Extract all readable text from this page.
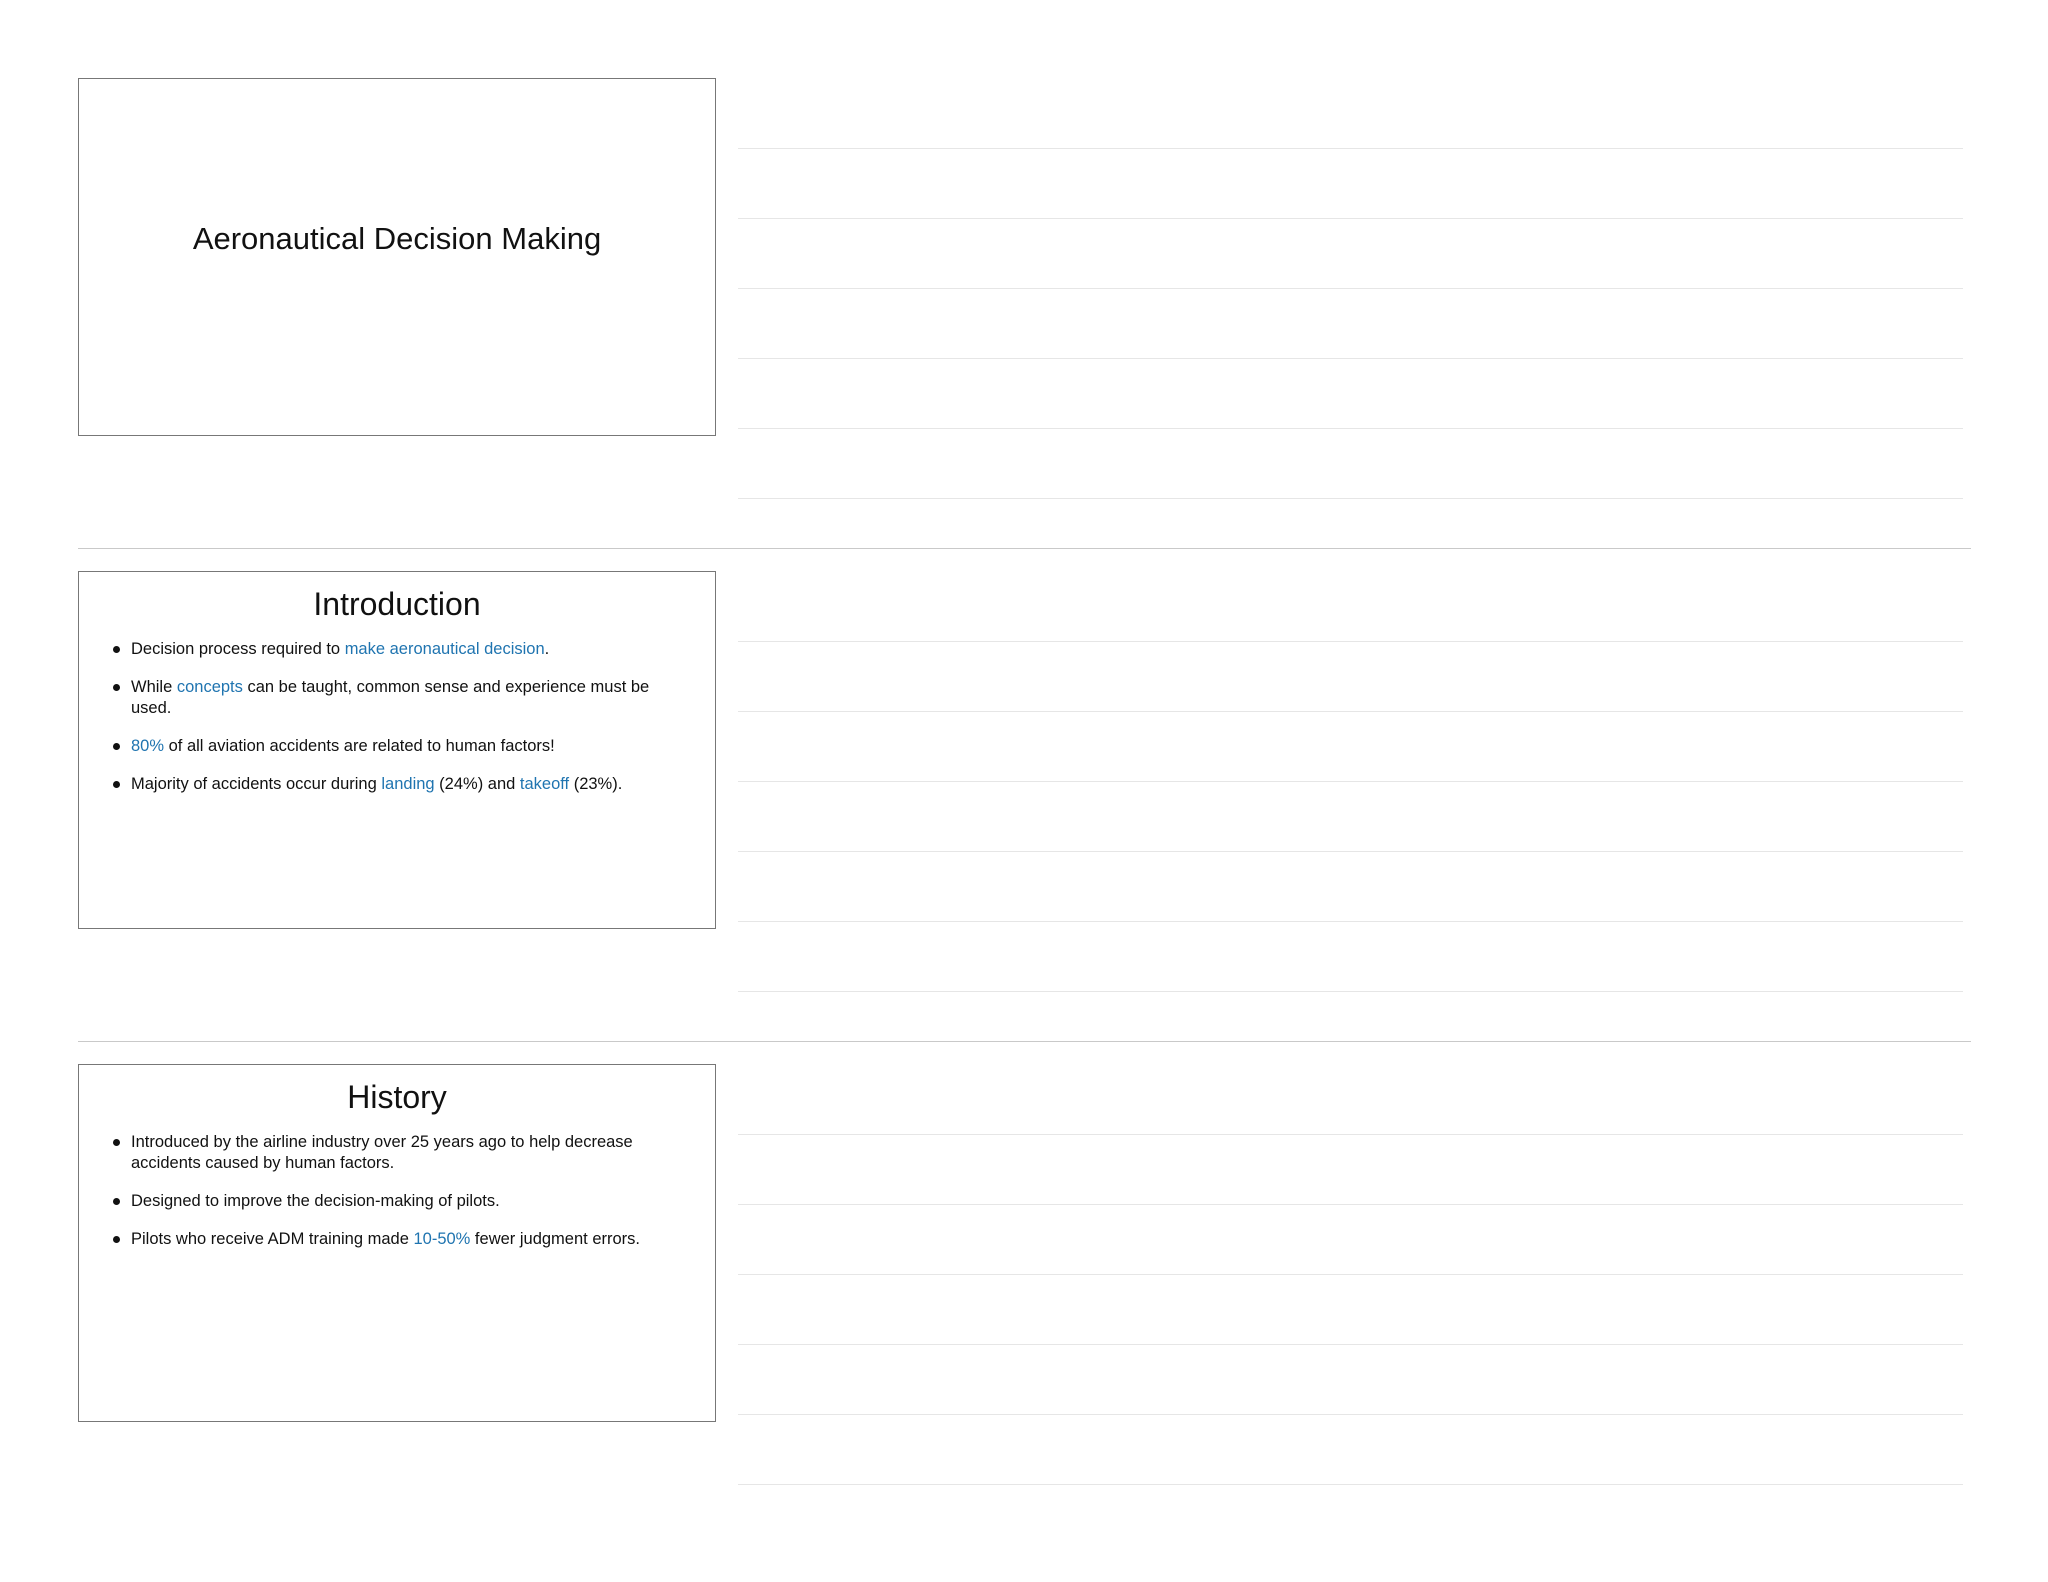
Aeronautical Decision Making
Introduction
Decision process required to make aeronautical decision.
While concepts can be taught, common sense and experience must be used.
80% of all aviation accidents are related to human factors!
Majority of accidents occur during landing (24%) and takeoff (23%).
History
Introduced by the airline industry over 25 years ago to help decrease accidents caused by human factors.
Designed to improve the decision-making of pilots.
Pilots who receive ADM training made 10-50% fewer judgment errors.
